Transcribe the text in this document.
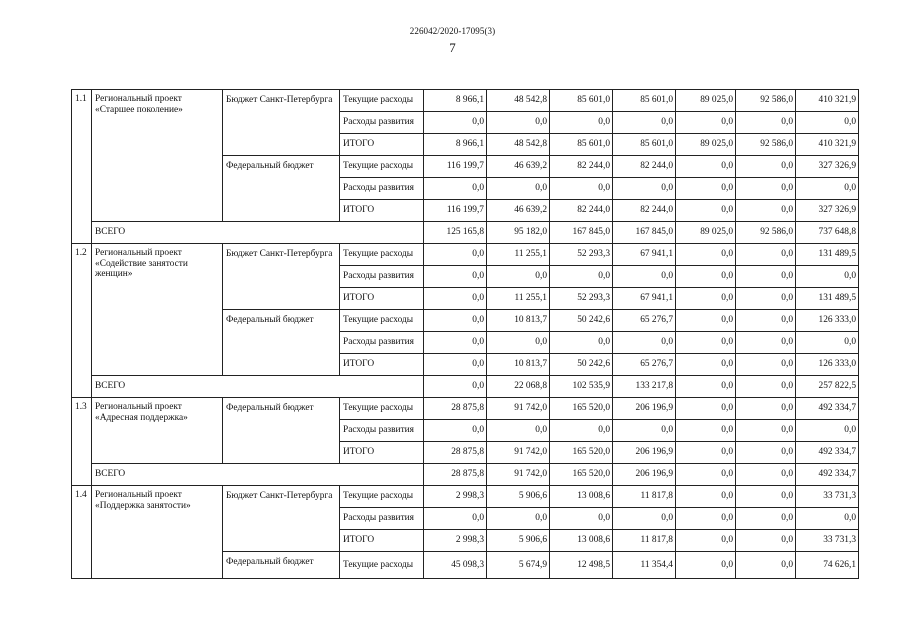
226042/2020-17095(3)
7
1.1	Региональный проект «Старшее поколение»	Бюджет Санкт-Петербурга	Текущие расходы	8 966,1	48 542,8	85 601,0	85 601,0	89 025,0	92 586,0	410 321,9
			Расходы развития	0,0	0,0	0,0	0,0	0,0	0,0	0,0
			ИТОГО	8 966,1	48 542,8	85 601,0	85 601,0	89 025,0	92 586,0	410 321,9
		Федеральный бюджет	Текущие расходы	116 199,7	46 639,2	82 244,0	82 244,0	0,0	0,0	327 326,9
			Расходы развития	0,0	0,0	0,0	0,0	0,0	0,0	0,0
			ИТОГО	116 199,7	46 639,2	82 244,0	82 244,0	0,0	0,0	327 326,9
	ВСЕГО			125 165,8	95 182,0	167 845,0	167 845,0	89 025,0	92 586,0	737 648,8
1.2	Региональный проект «Содействие занятости женщин»	Бюджет Санкт-Петербурга	Текущие расходы	0,0	11 255,1	52 293,3	67 941,1	0,0	0,0	131 489,5
			Расходы развития	0,0	0,0	0,0	0,0	0,0	0,0	0,0
			ИТОГО	0,0	11 255,1	52 293,3	67 941,1	0,0	0,0	131 489,5
		Федеральный бюджет	Текущие расходы	0,0	10 813,7	50 242,6	65 276,7	0,0	0,0	126 333,0
			Расходы развития	0,0	0,0	0,0	0,0	0,0	0,0	0,0
			ИТОГО	0,0	10 813,7	50 242,6	65 276,7	0,0	0,0	126 333,0
	ВСЕГО			0,0	22 068,8	102 535,9	133 217,8	0,0	0,0	257 822,5
1.3	Региональный проект «Адресная поддержка»	Федеральный бюджет	Текущие расходы	28 875,8	91 742,0	165 520,0	206 196,9	0,0	0,0	492 334,7
			Расходы развития	0,0	0,0	0,0	0,0	0,0	0,0	0,0
			ИТОГО	28 875,8	91 742,0	165 520,0	206 196,9	0,0	0,0	492 334,7
	ВСЕГО			28 875,8	91 742,0	165 520,0	206 196,9	0,0	0,0	492 334,7
1.4	Региональный проект «Поддержка занятости»	Бюджет Санкт-Петербурга	Текущие расходы	2 998,3	5 906,6	13 008,6	11 817,8	0,0	0,0	33 731,3
			Расходы развития	0,0	0,0	0,0	0,0	0,0	0,0	0,0
			ИТОГО	2 998,3	5 906,6	13 008,6	11 817,8	0,0	0,0	33 731,3
		Федеральный бюджет	Текущие расходы	45 098,3	5 674,9	12 498,5	11 354,4	0,0	0,0	74 626,1
